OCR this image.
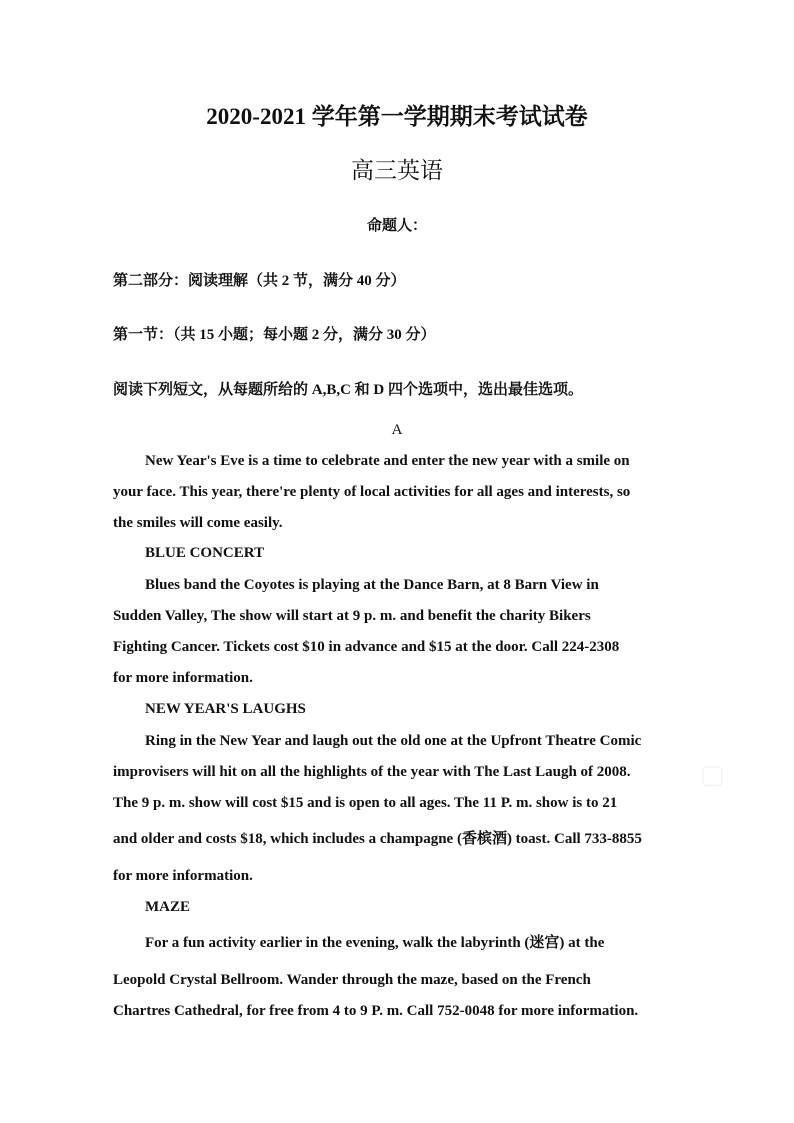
2020-2021 学年第一学期期末考试试卷
高三英语
命题人：
第二部分：阅读理解（共 2 节，满分 40 分）
第一节：（共 15 小题；每小题 2 分，满分 30 分）
阅读下列短文，从每题所给的 A,B,C 和 D 四个选项中，选出最佳选项。
A
New Year's Eve is a time to celebrate and enter the new year with a smile on
your face. This year, there're plenty of local activities for all ages and interests, so
the smiles will come easily.
BLUE CONCERT
Blues band the Coyotes is playing at the Dance Barn, at 8 Barn View in
Sudden Valley, The show will start at 9 p. m. and benefit the charity Bikers
Fighting Cancer. Tickets cost $10 in advance and $15 at the door. Call 224-2308
for more information.
NEW YEAR'S LAUGHS
Ring in the New Year and laugh out the old one at the Upfront Theatre Comic
improvisers will hit on all the highlights of the year with The Last Laugh of 2008.
The 9 p. m. show will cost $15 and is open to all ages. The 11 P. m. show is to 21
and older and costs $18, which includes a champagne (香槟酒) toast. Call 733-8855
for more information.
MAZE
For a fun activity earlier in the evening, walk the labyrinth (迷宫) at the
Leopold Crystal Bellroom. Wander through the maze, based on the French
Chartres Cathedral, for free from 4 to 9 P. m. Call 752-0048 for more information.
▢
